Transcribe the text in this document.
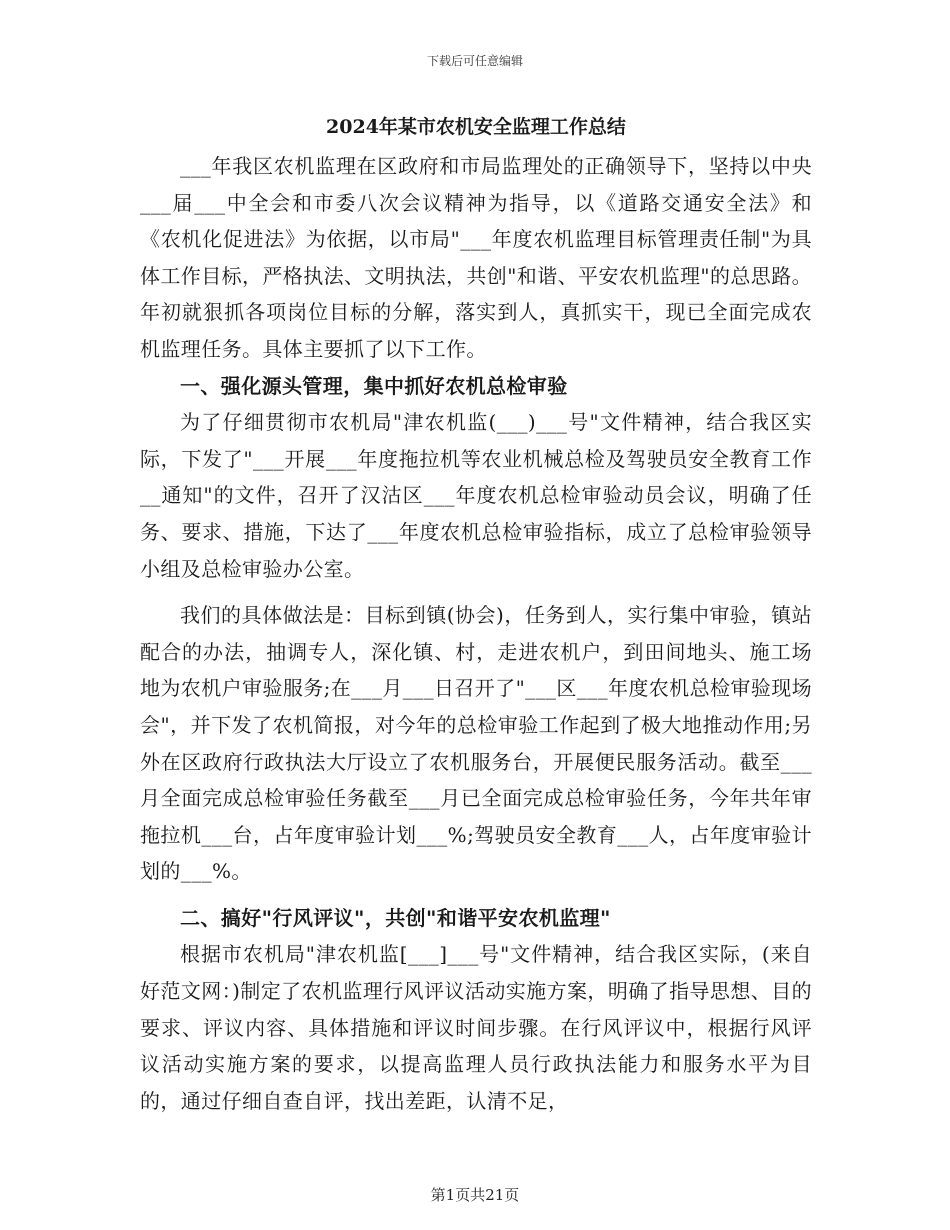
下载后可任意编辑
2024年某市农机安全监理工作总结

___年我区农机监理在区政府和市局监理处的正确领导下，坚持以中央___届___中全会和市委八次会议精神为指导，以《道路交通安全法》和《农机化促进法》为依据，以市局"___年度农机监理目标管理责任制"为具体工作目标，严格执法、文明执法，共创"和谐、平安农机监理"的总思路。年初就狠抓各项岗位目标的分解，落实到人，真抓实干，现已全面完成农机监理任务。具体主要抓了以下工作。

一、强化源头管理，集中抓好农机总检审验

为了仔细贯彻市农机局"津农机监(___)___号"文件精神，结合我区实际，下发了"___开展___年度拖拉机等农业机械总检及驾驶员安全教育工作__通知"的文件，召开了汉沽区___年度农机总检审验动员会议，明确了任务、要求、措施，下达了___年度农机总检审验指标，成立了总检审验领导小组及总检审验办公室。

我们的具体做法是：目标到镇(协会)，任务到人，实行集中审验，镇站配合的办法，抽调专人，深化镇、村，走进农机户，到田间地头、施工场地为农机户审验服务;在___月___日召开了"___区___年度农机总检审验现场会"，并下发了农机简报，对今年的总检审验工作起到了极大地推动作用;另外在区政府行政执法大厅设立了农机服务台，开展便民服务活动。截至___月全面完成总检审验任务截至___月已全面完成总检审验任务，今年共年审拖拉机___台，占年度审验计划___%;驾驶员安全教育___人，占年度审验计划的___%。

二、搞好"行风评议"，共创"和谐平安农机监理"

根据市农机局"津农机监[___]___号"文件精神，结合我区实际，(来自好范文网：)制定了农机监理行风评议活动实施方案，明确了指导思想、目的要求、评议内容、具体措施和评议时间步骤。在行风评议中，根据行风评议活动实施方案的要求，以提高监理人员行政执法能力和服务水平为目的，通过仔细自查自评，找出差距，认清不足，

第1页共21页
